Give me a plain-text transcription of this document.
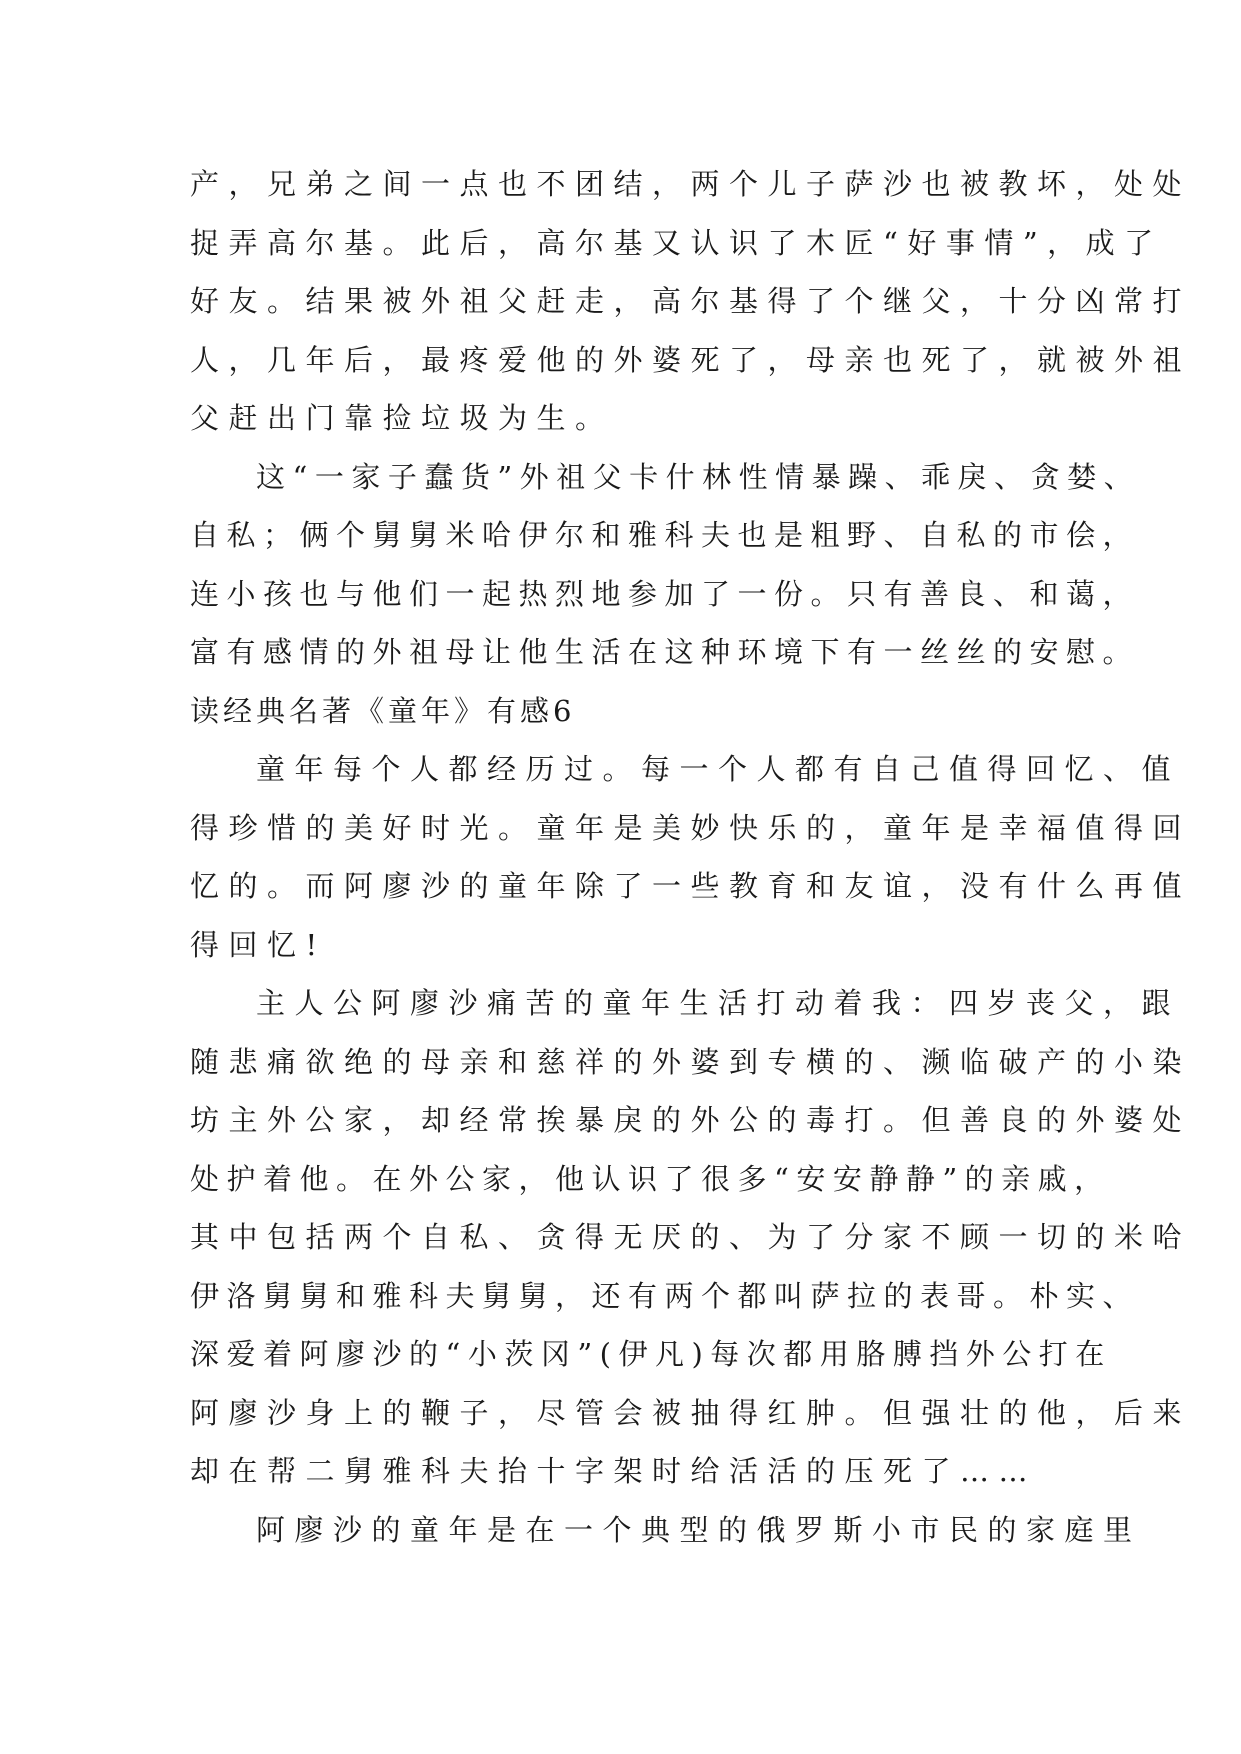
产，兄弟之间一点也不团结，两个儿子萨沙也被教坏，处处
捉弄高尔基。此后，高尔基又认识了木匠“好事情”，成了
好友。结果被外祖父赶走，高尔基得了个继父，十分凶常打
人，几年后，最疼爱他的外婆死了，母亲也死了，就被外祖
父赶出门靠捡垃圾为生。
这“一家子蠢货”外祖父卡什林性情暴躁、乖戾、贪婪、
自私；俩个舅舅米哈伊尔和雅科夫也是粗野、自私的市侩，
连小孩也与他们一起热烈地参加了一份。只有善良、和蔼，
富有感情的外祖母让他生活在这种环境下有一丝丝的安慰。
读经典名著《童年》有感6
童年每个人都经历过。每一个人都有自己值得回忆、值
得珍惜的美好时光。童年是美妙快乐的，童年是幸福值得回
忆的。而阿廖沙的童年除了一些教育和友谊，没有什么再值
得回忆!
主人公阿廖沙痛苦的童年生活打动着我：四岁丧父，跟
随悲痛欲绝的母亲和慈祥的外婆到专横的、濒临破产的小染
坊主外公家，却经常挨暴戾的外公的毒打。但善良的外婆处
处护着他。在外公家，他认识了很多“安安静静”的亲戚，
其中包括两个自私、贪得无厌的、为了分家不顾一切的米哈
伊洛舅舅和雅科夫舅舅，还有两个都叫萨拉的表哥。朴实、
深爱着阿廖沙的“小茨冈”(伊凡)每次都用胳膊挡外公打在
阿廖沙身上的鞭子，尽管会被抽得红肿。但强壮的他，后来
却在帮二舅雅科夫抬十字架时给活活的压死了……
阿廖沙的童年是在一个典型的俄罗斯小市民的家庭里
